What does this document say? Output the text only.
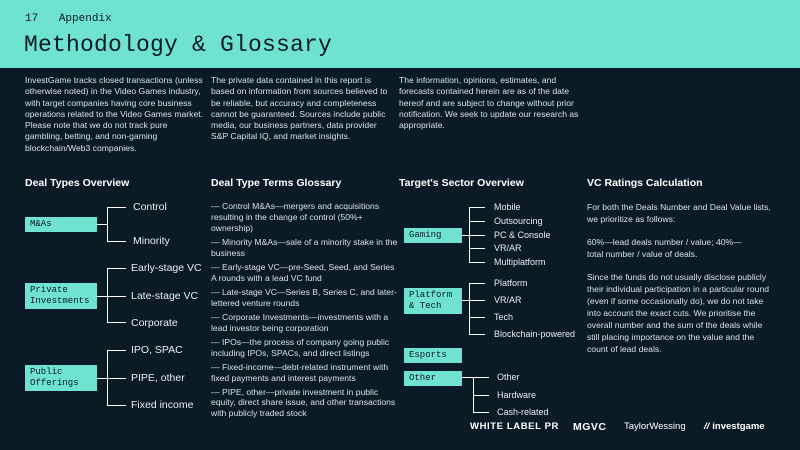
17 Appendix
Methodology & Glossary

InvestGame tracks closed transactions (unless otherwise noted) in the Video Games industry, with target companies having core business operations related to the Video Games market. Please note that we do not track pure gambling, betting, and non-gaming blockchain/Web3 companies.

The private data contained in this report is based on information from sources believed to be reliable, but accuracy and completeness cannot be guaranteed. Sources include public media, our business partners, data provider S&P Capital IQ, and market insights.

The information, opinions, estimates, and forecasts contained herein are as of the date hereof and are subject to change without prior notification. We seek to update our research as appropriate.

Deal Types Overview	Deal Type Terms Glossary	Target's Sector Overview	VC Ratings Calculation
M&As
Control
Minority
Private Investments
Early-stage VC
Late-stage VC
Corporate
Public Offerings
IPO, SPAC
PIPE, other
Fixed income
— Control M&As—mergers and acquisitions resulting in the change of control (50%+ ownership)
— Minority M&As—sale of a minority stake in the business
— Early-stage VC—pre-Seed, Seed, and Series A rounds with a lead VC fund
— Late-stage VC—Series B, Series C, and later-lettered venture rounds
— Corporate Investments—investments with a lead investor being corporation
— IPOs—the process of company going public including IPOs, SPACs, and direct listings
— Fixed-income—debt-related instrument with fixed payments and interest payments
— PIPE, other—private investment in public equity, direct share issue, and other transactions with publicly traded stock
Gaming
Mobile
Outsourcing
PC & Console
VR/AR
Multiplatform
Platform & Tech
Platform
VR/AR
Tech
Blockchain-powered
Esports
Other	Other
Hardware
Cash-related

For both the Deals Number and Deal Value lists, we prioritize as follows:

60%—lead deals number / value; 40%—total number / value of deals.

Since the funds do not usually disclose publicly their individual participation in a particular round (even if some occasionally do), we do not take into account the exact cuts. We prioritise the overall number and the sum of the deals while still placing importance on the value and the count of lead deals.

WHITE LABEL PR MGVC TaylorWessing // investgame
